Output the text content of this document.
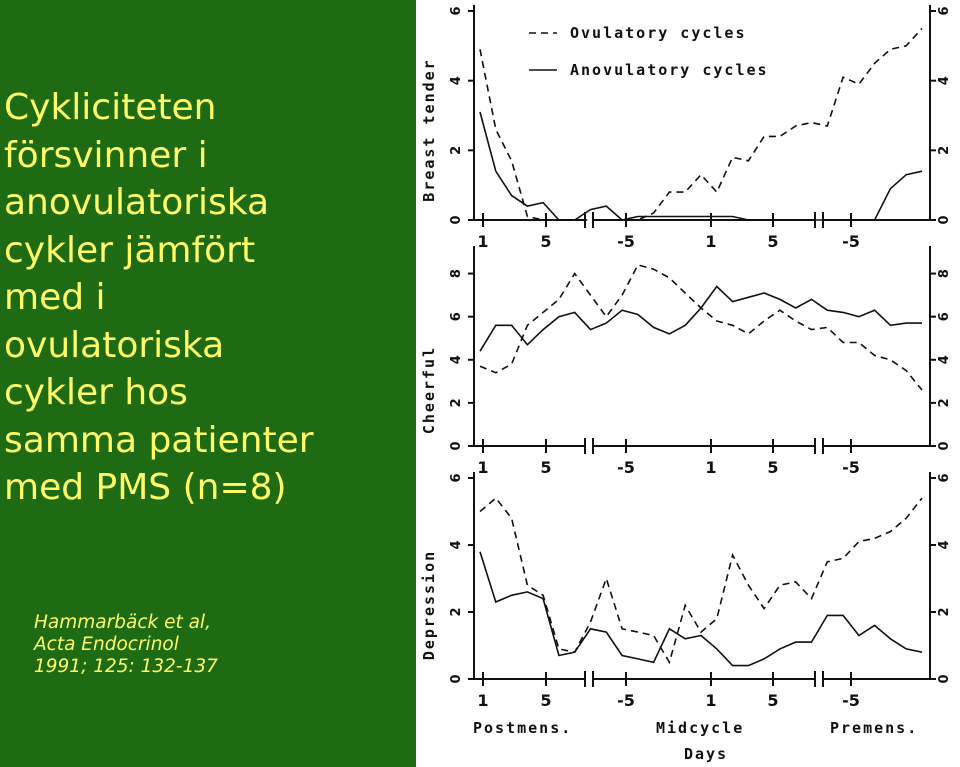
Cykliciteten
försvinner i
anovulatoriska
cykler jämfört
med i
ovulatoriska
cykler hos
samma patienter
med PMS (n=8)
Hammarbäck et al,
Acta Endocrinol
1991; 125: 132-137
0	0
2	2
4	4
6	6
Breast tender
1	5	-5	1	5	-5
Ovulatory cycles
Anovulatory cycles
0	0
2	2
4	4
6	6
8	8
Cheerful
1	5	-5	1	5	-5
0	0
2	2
4	4
6	6
Depression
1	5	-5	1	5	-5
Postmens.	Midcycle	Premens.
Days
